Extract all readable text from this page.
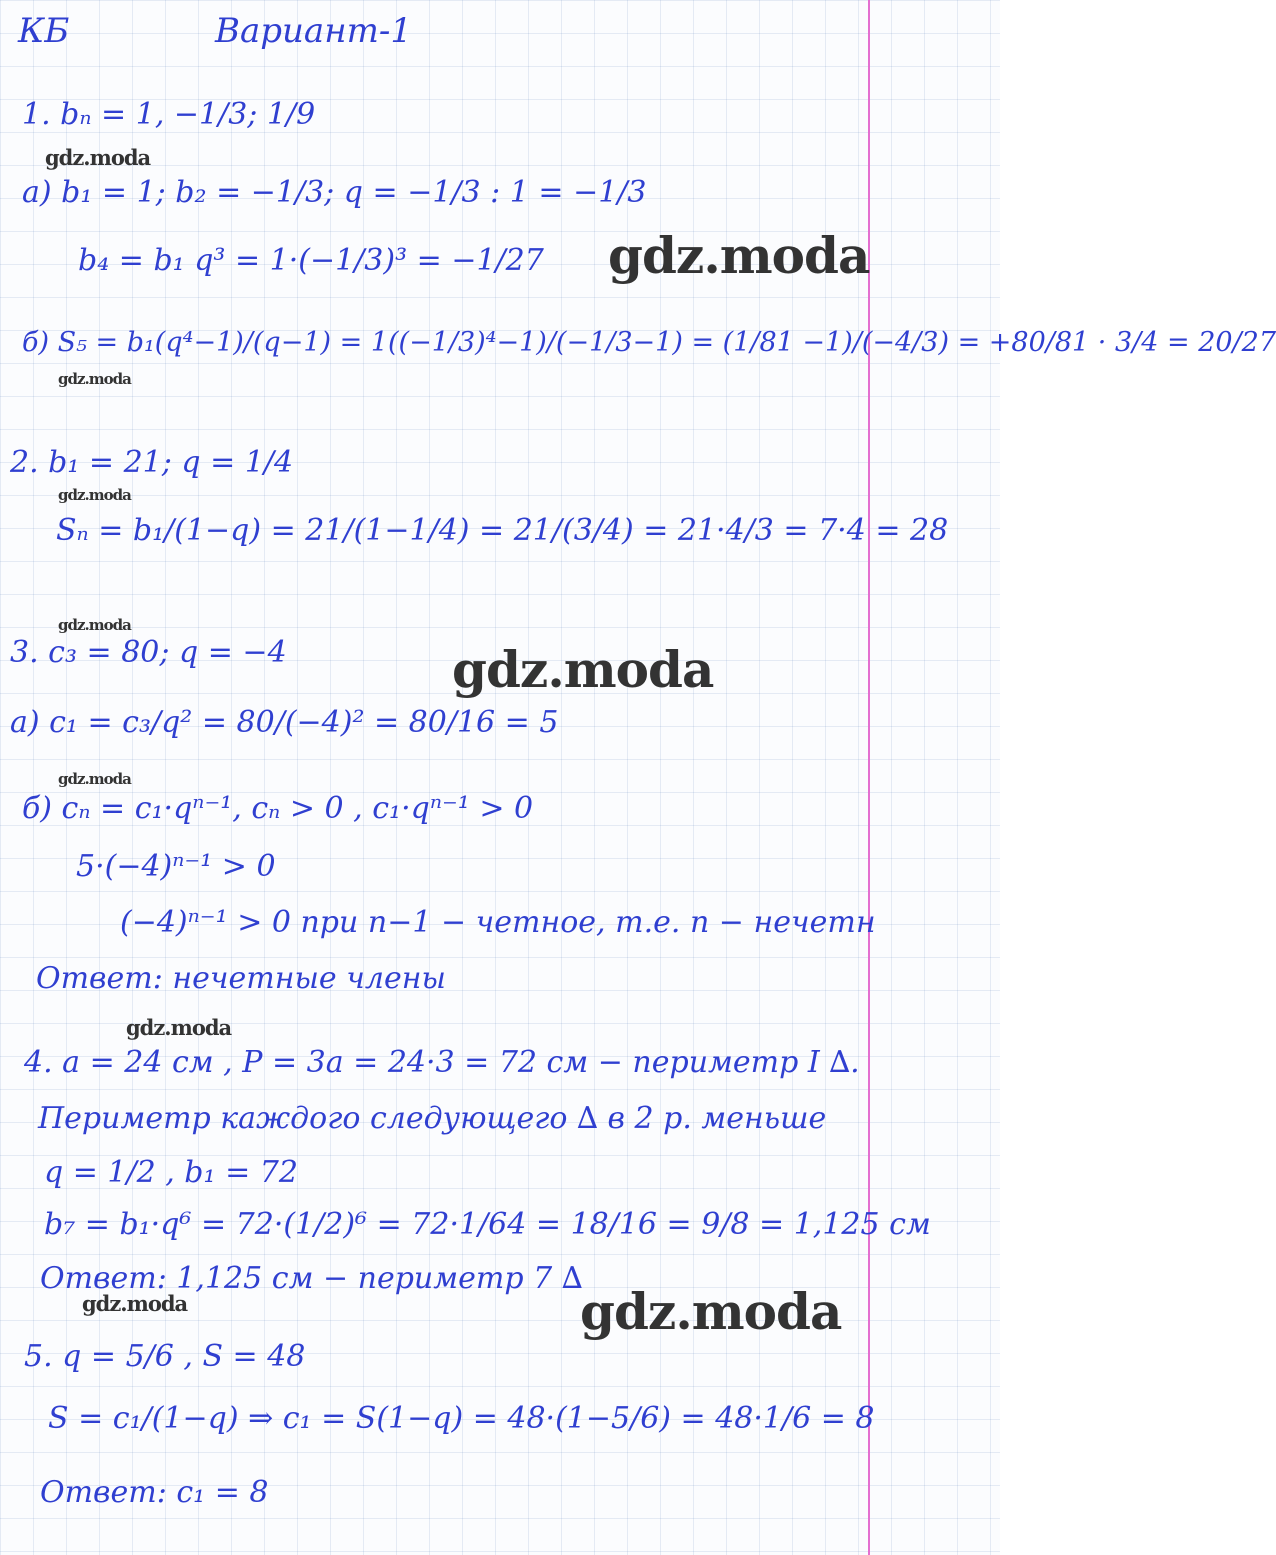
КБ	Вариант-1
gdz.moda
gdz.moda
gdz.moda
gdz.moda
gdz.moda
gdz.moda
gdz.moda
gdz.moda
gdz.moda	gdz.moda
1. bₙ = 1, −1/3; 1/9
а) b₁ = 1; b₂ = −1/3; q = −1/3 : 1 = −1/3
b₄ = b₁ q³ = 1·(−1/3)³ = −1/27
б) S₅ = b₁(q⁴−1)/(q−1) = 1((−1/3)⁴−1)/(−1/3−1) = (1/81 −1)/(−4/3) = +80/81 · 3/4 = 20/27
2. b₁ = 21; q = 1/4
Sₙ = b₁/(1−q) = 21/(1−1/4) = 21/(3/4) = 21·4/3 = 7·4 = 28
3. c₃ = 80; q = −4
а) c₁ = c₃/q² = 80/(−4)² = 80/16 = 5
б) cₙ = c₁·qⁿ⁻¹, cₙ > 0 , c₁·qⁿ⁻¹ > 0
5·(−4)ⁿ⁻¹ > 0
(−4)ⁿ⁻¹ > 0 при n−1 − четное, т.е. n − нечетн
Ответ: нечетные члены
4. a = 24 см , P = 3a = 24·3 = 72 см − периметр I ∆.
Периметр каждого следующего ∆ в 2 р. меньше
q = 1/2 , b₁ = 72
b₇ = b₁·q⁶ = 72·(1/2)⁶ = 72·1/64 = 18/16 = 9/8 = 1,125 см
Ответ: 1,125 см − периметр 7 ∆
5. q = 5/6 , S = 48
S = c₁/(1−q) ⇒ c₁ = S(1−q) = 48·(1−5/6) = 48·1/6 = 8
Ответ: c₁ = 8
